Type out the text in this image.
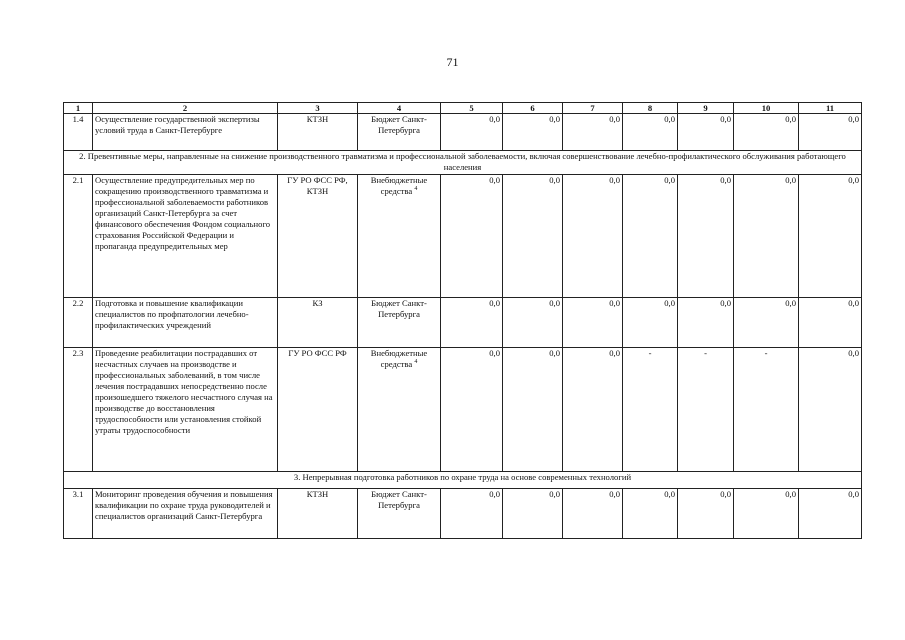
71
1	2	3	4	5	6	7	8	9	10	11
1.4	Осуществление государственной экспертизы условий труда в Санкт-Петербурге	КТЗН	Бюджет Санкт-Петербурга	0,0	0,0	0,0	0,0	0,0	0,0	0,0
2. Превентивные меры, направленные на снижение производственного травматизма и профессиональной заболеваемости, включая совершенствование лечебно-профилактического обслуживания работающего населения										
2.1	Осуществление предупредительных мер по сокращению производственного травматизма и профессиональной заболеваемости работников организаций Санкт-Петербурга за счет финансового обеспечения Фондом социального страхования Российской Федерации и пропаганда предупредительных мер	ГУ РО ФСС РФ, КТЗН	Внебюджетные средства $^4$	0,0	0,0	0,0	0,0	0,0	0,0	0,0
2.2	Подготовка и повышение квалификации специалистов по профпатологии лечебно-профилактических учреждений	КЗ	Бюджет Санкт-Петербурга	0,0	0,0	0,0	0,0	0,0	0,0	0,0
2.3	Проведение реабилитации пострадавших от несчастных случаев на производстве и профессиональных заболеваний, в том числе лечения пострадавших непосредственно после произошедшего тяжелого несчастного случая на производстве до восстановления трудоспособности или установления стойкой утраты трудоспособности	ГУ РО ФСС РФ	Внебюджетные средства $^4$	0,0	0,0	0,0	-	-	-	0,0
3. Непрерывная подготовка работников по охране труда на основе современных технологий										
3.1	Мониторинг проведения обучения и повышения квалификации по охране труда руководителей и специалистов организаций Санкт-Петербурга	КТЗН	Бюджет Санкт-Петербурга	0,0	0,0	0,0	0,0	0,0	0,0	0,0
